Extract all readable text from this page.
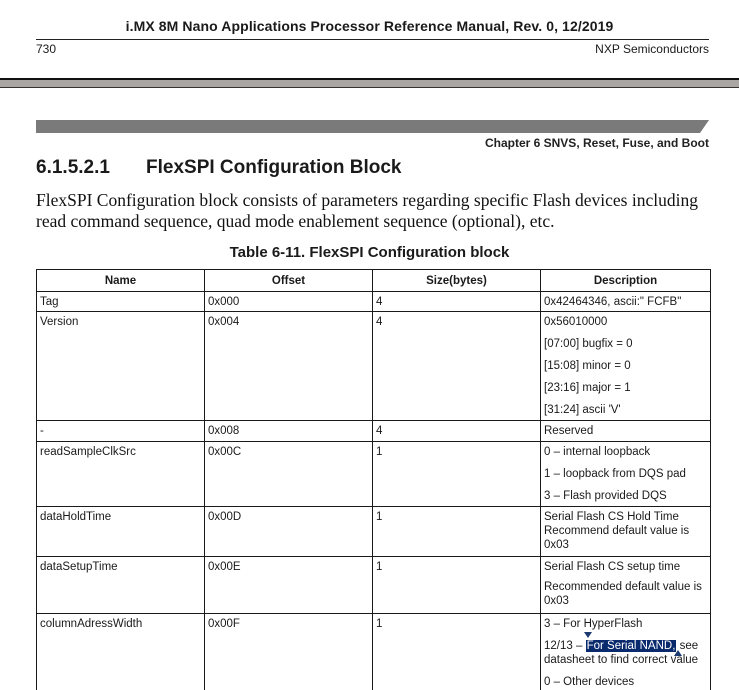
i.MX 8M Nano Applications Processor Reference Manual, Rev. 0, 12/2019
730	NXP Semiconductors
Chapter 6 SNVS, Reset, Fuse, and Boot
6.1.5.2.1 FlexSPI Configuration Block
FlexSPI Configuration block consists of parameters regarding specific Flash devices including read command sequence, quad mode enablement sequence (optional), etc.
Table 6-11. FlexSPI Configuration block
Name	Offset	Size(bytes)	Description
Tag	0x000	4	0x42464346, ascii:" FCFB"

Version	0x004	4	0x56010000
[07:00] bugfix = 0
[15:08] minor = 0
[23:16] major = 1
[31:24] ascii 'V'

-	0x008	4	Reserved

readSampleClkSrc	0x00C	1	0 – internal loopback
1 – loopback from DQS pad
3 – Flash provided DQS

dataHoldTime	0x00D	1	Serial Flash CS Hold Time Recommend default value is 0x03

dataSetupTime	0x00E	1	Serial Flash CS setup time
Recommended default value is 0x03

columnAdressWidth	0x00F	1	3 – For HyperFlash
12/13 – For Serial NAND, see datasheet to find correct value
0 – Other devices
